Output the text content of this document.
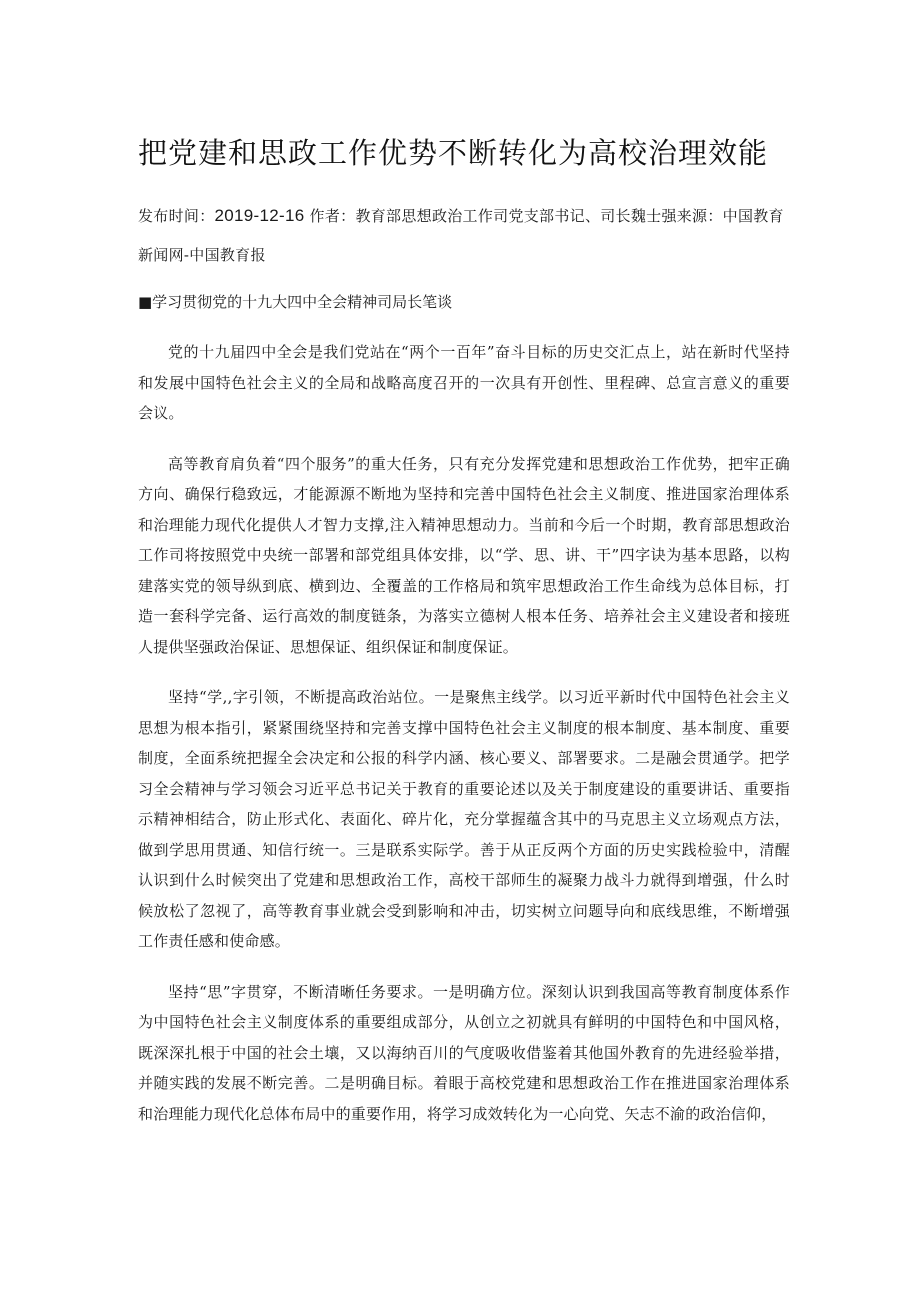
把党建和思政工作优势不断转化为高校治理效能

发布时间：2019-12-16 作者：教育部思想政治工作司党支部书记、司长魏士强来源：中国教育新闻网-中国教育报

■学习贯彻党的十九大四中全会精神司局长笔谈

党的十九届四中全会是我们党站在“两个一百年”奋斗目标的历史交汇点上，站在新时代坚持和发展中国特色社会主义的全局和战略高度召开的一次具有开创性、里程碑、总宣言意义的重要会议。

高等教育肩负着“四个服务”的重大任务，只有充分发挥党建和思想政治工作优势，把牢正确方向、确保行稳致远，才能源源不断地为坚持和完善中国特色社会主义制度、推进国家治理体系和治理能力现代化提供人才智力支撑,注入精神思想动力。当前和今后一个时期，教育部思想政治工作司将按照党中央统一部署和部党组具体安排，以“学、思、讲、干”四字诀为基本思路，以构建落实党的领导纵到底、横到边、全覆盖的工作格局和筑牢思想政治工作生命线为总体目标，打造一套科学完备、运行高效的制度链条，为落实立德树人根本任务、培养社会主义建设者和接班人提供坚强政治保证、思想保证、组织保证和制度保证。

坚持“学,,字引领，不断提高政治站位。一是聚焦主线学。以习近平新时代中国特色社会主义思想为根本指引，紧紧围绕坚持和完善支撑中国特色社会主义制度的根本制度、基本制度、重要制度，全面系统把握全会决定和公报的科学内涵、核心要义、部署要求。二是融会贯通学。把学习全会精神与学习领会习近平总书记关于教育的重要论述以及关于制度建设的重要讲话、重要指示精神相结合，防止形式化、表面化、碎片化，充分掌握蕴含其中的马克思主义立场观点方法，做到学思用贯通、知信行统一。三是联系实际学。善于从正反两个方面的历史实践检验中，清醒认识到什么时候突出了党建和思想政治工作，高校干部师生的凝聚力战斗力就得到增强，什么时候放松了忽视了，高等教育事业就会受到影响和冲击，切实树立问题导向和底线思维，不断增强工作责任感和使命感。

坚持“思”字贯穿，不断清晰任务要求。一是明确方位。深刻认识到我国高等教育制度体系作为中国特色社会主义制度体系的重要组成部分，从创立之初就具有鲜明的中国特色和中国风格，既深深扎根于中国的社会土壤，又以海纳百川的气度吸收借鉴着其他国外教育的先进经验举措，并随实践的发展不断完善。二是明确目标。着眼于高校党建和思想政治工作在推进国家治理体系和治理能力现代化总体布局中的重要作用，将学习成效转化为一心向党、矢志不渝的政治信仰，
